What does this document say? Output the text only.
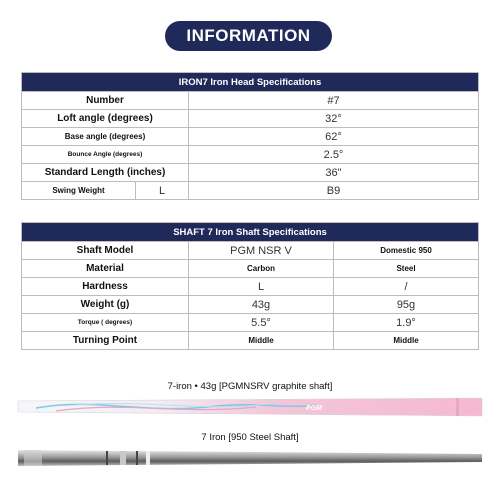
INFORMATION
IRON7 Iron Head Specifications		
Number		#7
Loft angle (degrees)		32°
Base angle (degrees)		62°
Bounce Angle (degrees)		2.5°
Standard Length (inches)		36"
Swing Weight	L	B9
SHAFT 7 Iron Shaft Specifications		
Shaft Model	PGM NSR V	Domestic 950
Material	Carbon	Steel
Hardness	L	/
Weight (g)	43g	95g
Torque ( degrees)	5.5°	1.9°
Turning Point	Middle	Middle
7-iron • 43g [PGMNSRV graphite shaft]
PGM
7 Iron [950 Steel Shaft]
